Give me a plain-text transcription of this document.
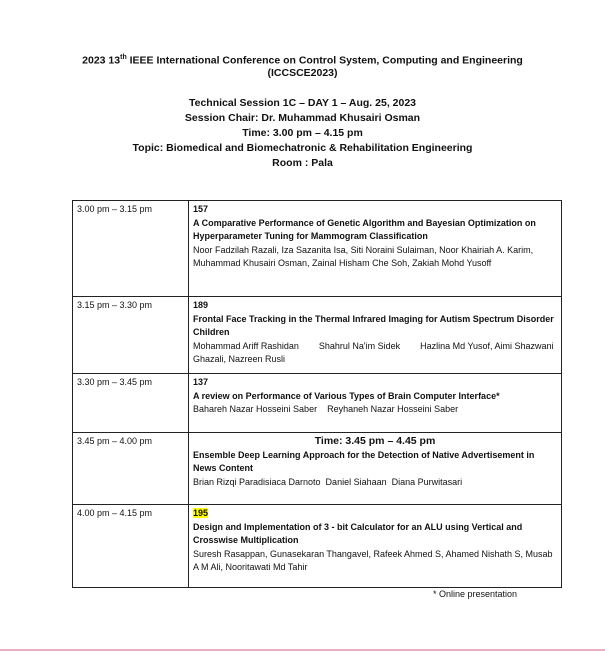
2023 13th IEEE International Conference on Control System, Computing and Engineering
(ICCSCE2023)
Technical Session 1C – DAY 1 – Aug. 25, 2023
Session Chair: Dr. Muhammad Khusairi Osman
Time: 3.00 pm – 4.15 pm
Topic: Biomedical and Biomechatronic & Rehabilitation Engineering
Room : Pala
3.00 pm – 3.15 pm	157
A Comparative Performance of Genetic Algorithm and Bayesian Optimization on Hyperparameter Tuning for Mammogram Classification
Noor Fadzilah Razali, Iza Sazanita Isa, Siti Noraini Sulaiman, Noor Khairiah A. Karim, Muhammad Khusairi Osman, Zainal Hisham Che Soh, Zakiah Mohd Yusoff

3.15 pm – 3.30 pm	189
Frontal Face Tracking in the Thermal Infrared Imaging for Autism Spectrum Disorder Children
Mohammad Ariff Rashidan        Shahrul Na'im Sidek        Hazlina Md Yusof, Aimi Shazwani Ghazali, Nazreen Rusli

3.30 pm – 3.45 pm	137
A review on Performance of Various Types of Brain Computer Interface*
Bahareh Nazar Hosseini Saber    Reyhaneh Nazar Hosseini Saber

3.45 pm – 4.00 pm	Time: 3.45 pm – 4.45 pm
Ensemble Deep Learning Approach for the Detection of Native Advertisement in News Content
Brian Rizqi Paradisiaca Darnoto  Daniel Siahaan  Diana Purwitasari

4.00 pm – 4.15 pm	195
Design and Implementation of 3 - bit Calculator for an ALU using Vertical and Crosswise Multiplication
Suresh Rasappan, Gunasekaran Thangavel, Rafeek Ahmed S, Ahamed Nishath S, Musab A M Ali, Nooritawati Md Tahir
* Online presentation
